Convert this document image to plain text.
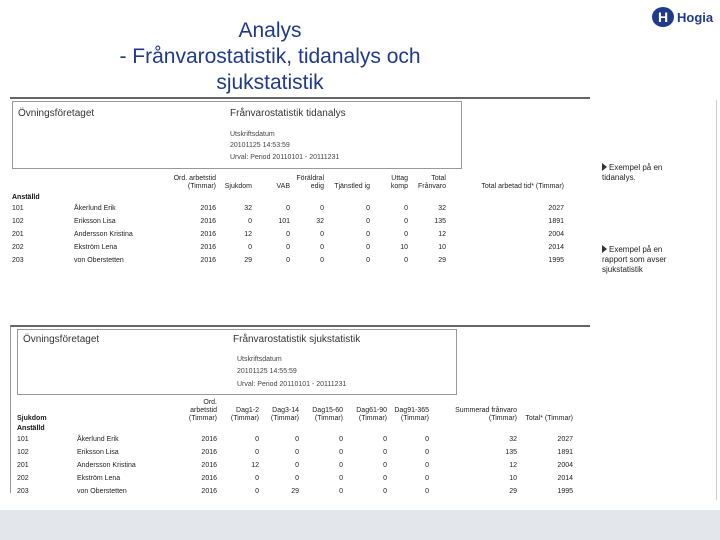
Analys
- Frånvarostatistik, tidanalys och
sjukstatistik
H Hogia
Övningsföretaget	Frånvarostatistik tidanalys
Utskriftsdatum
20101125 14:53:59
Urval: Period 20110101 - 20111231
		Ord. arbetstid (Timmar)	Sjukdom	VAB	Föräldral edig	Tjänstled ig	Uttag komp	Total Frånvaro	Total arbetad tid* (Timmar)
Anställd									
101	Åkerlund Erik	2016	32	0	0	0	0	32	2027
102	Eriksson Lisa	2016	0	101	32	0	0	135	1891
201	Andersson Kristina	2016	12	0	0	0	0	12	2004
202	Ekström Lena	2016	0	0	0	0	10	10	2014
203	von Oberstetten	2016	29	0	0	0	0	29	1995
Övningsföretaget	Frånvarostatistik sjukstatistik
Utskriftsdatum
20101125 14:55:59
Urval: Period 20110101 - 20111231
Sjukdom		Ord. arbetstid (Timmar)	Dag1-2 (Timmar)	Dag3-14 (Timmar)	Dag15-60 (Timmar)	Dag61-90 (Timmar)	Dag91-365 (Timmar)	Summerad frånvaro (Timmar)	Total* (Timmar)
Anställd									
101	Åkerlund Erik	2016	0	0	0	0	0	32	2027
102	Eriksson Lisa	2016	0	0	0	0	0	135	1891
201	Andersson Kristina	2016	12	0	0	0	0	12	2004
202	Ekström Lena	2016	0	0	0	0	0	10	2014
203	von Oberstetten	2016	0	29	0	0	0	29	1995
Exempel på en tidanalys.
Exempel på en rapport som avser sjukstatistik
